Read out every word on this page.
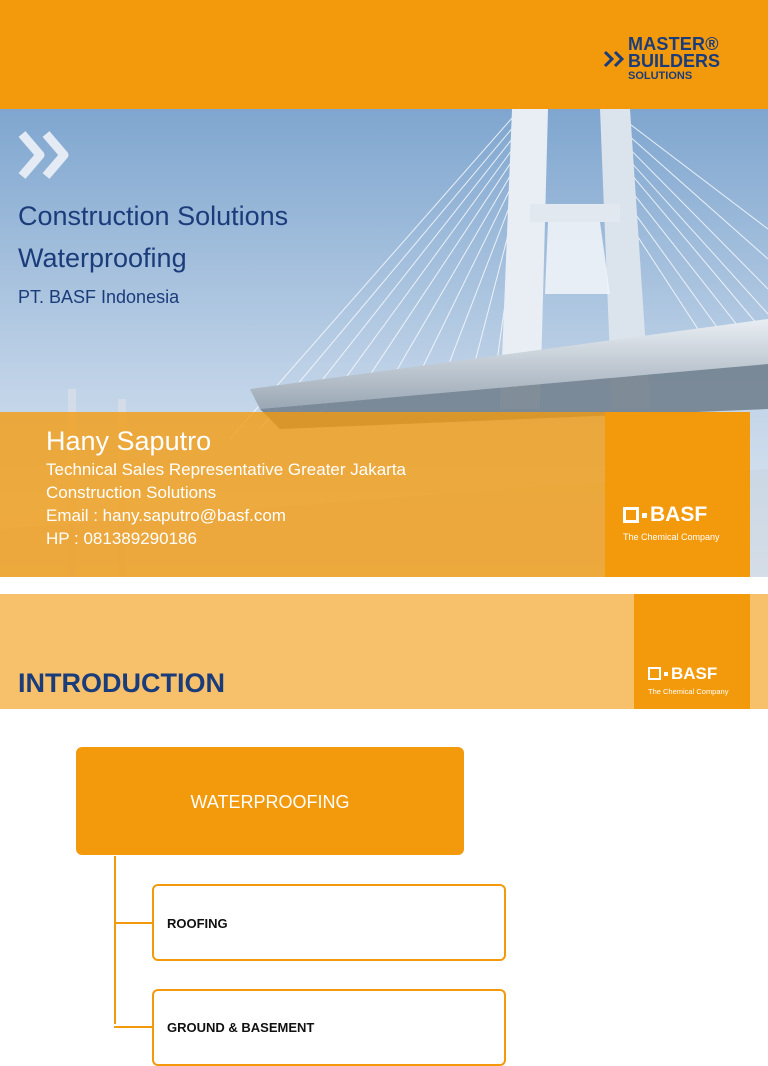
MASTER®
BUILDERS
SOLUTIONS
Construction Solutions
Waterproofing
PT. BASF Indonesia
Hany Saputro
Technical Sales Representative Greater Jakarta
Construction Solutions
Email : hany.saputro@basf.com
HP : 081389290186
BASF
The Chemical Company
BASF
The Chemical Company
INTRODUCTION
WATERPROOFING
ROOFING
GROUND & BASEMENT
